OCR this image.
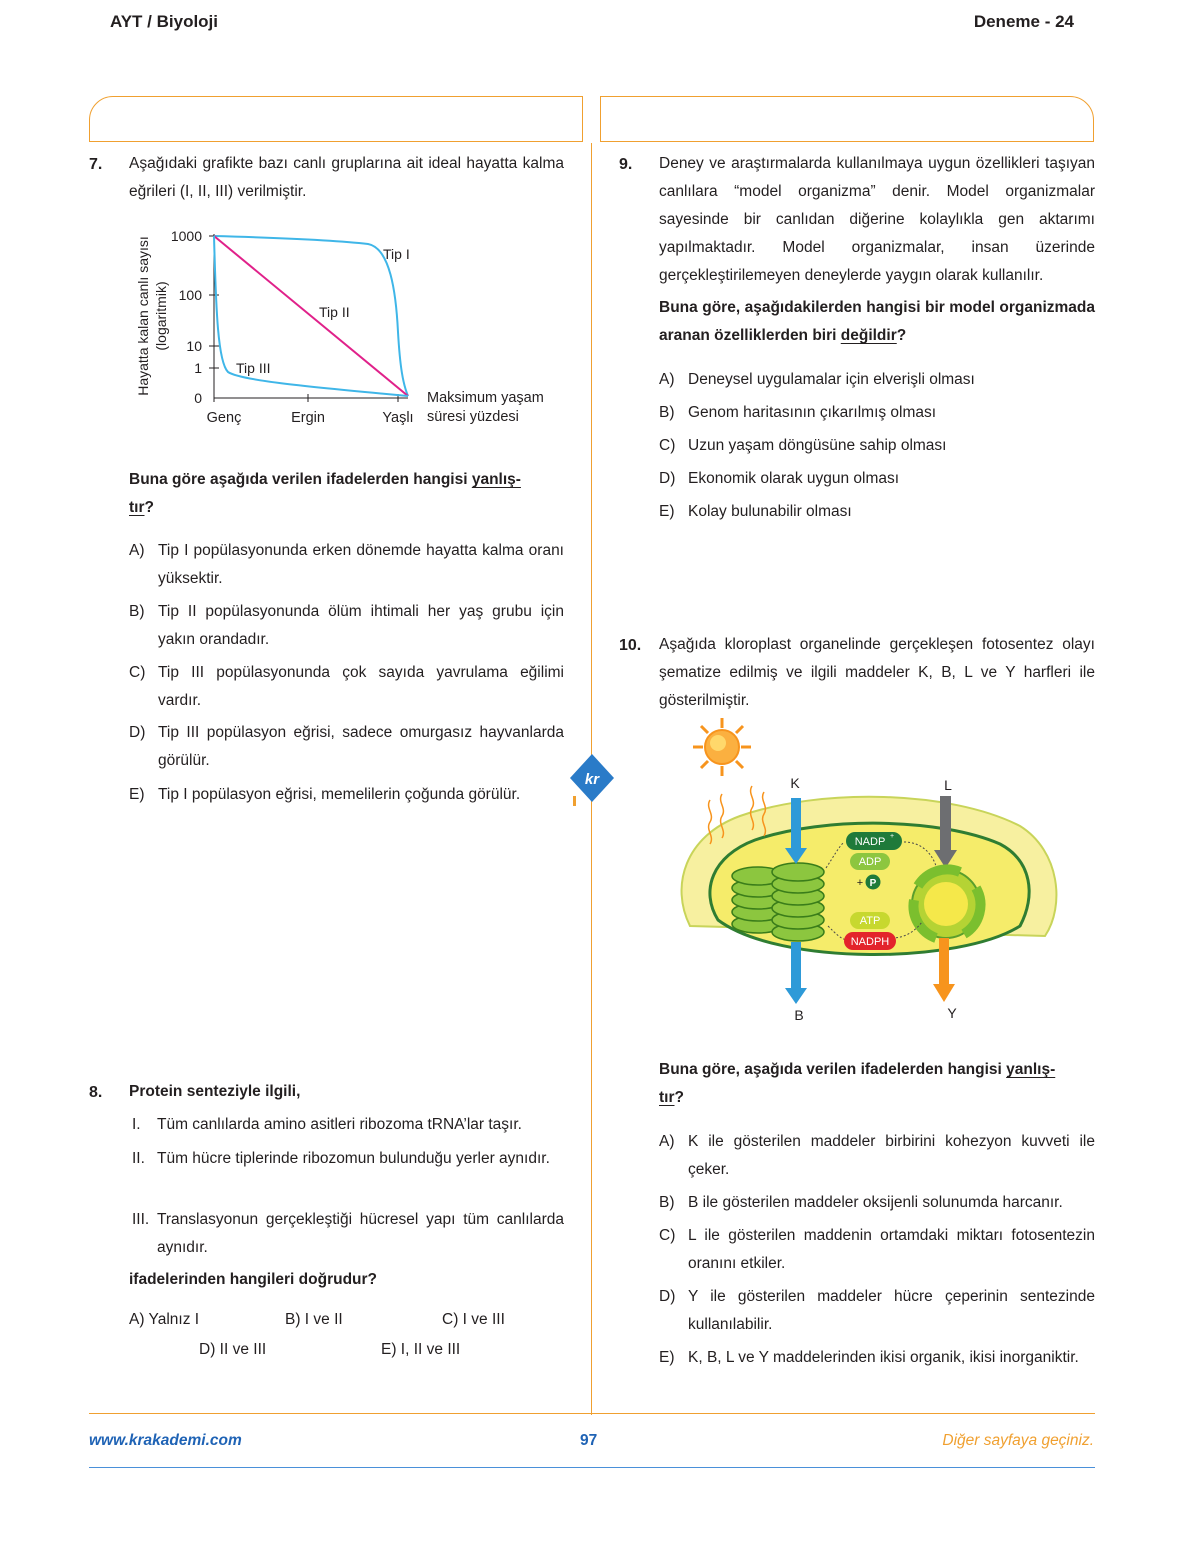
AYT / Biyoloji	Deneme - 24
kr
7. Aşağıdaki grafikte bazı canlı gruplarına ait ideal hayatta kalma eğrileri (I, II, III) verilmiştir.
Hayatta kalan canlı sayısı (logaritmik)
1000
100
10
1
0
Genç	Ergin	Yaşlı
Tip I
Tip II
Tip III
Maksimum yaşam
süresi yüzdesi
Buna göre aşağıda verilen ifadelerden hangisi yanlış-
tır?
A) Tip I popülasyonunda erken dönemde hayatta kalma oranı yüksektir.
B) Tip II popülasyonunda ölüm ihtimali her yaş grubu için yakın orandadır.
C) Tip III popülasyonunda çok sayıda yavrulama eğilimi vardır.
D) Tip III popülasyon eğrisi, sadece omurgasız hayvanlarda görülür.
E) Tip I popülasyon eğrisi, memelilerin çoğunda görülür.
8. Protein senteziyle ilgili,
I. Tüm canlılarda amino asitleri ribozoma tRNA’lar taşır.
II. Tüm hücre tiplerinde ribozomun bulunduğu yerler aynıdır.
III. Translasyonun gerçekleştiği hücresel yapı tüm canlılarda aynıdır.
ifadelerinden hangileri doğrudur?
A) Yalnız I	B) I ve II	C) I ve III
D) II ve III	E) I, II ve III
9. Deney ve araştırmalarda kullanılmaya uygun özellikleri taşıyan canlılara “model organizma” denir. Model organizmalar sayesinde bir canlıdan diğerine kolaylıkla gen aktarımı yapılmaktadır. Model organizmalar, insan üzerinde gerçekleştirilemeyen deneylerde yaygın olarak kullanılır.
Buna göre, aşağıdakilerden hangisi bir model organizmada aranan özelliklerden biri değildir?
A) Deneysel uygulamalar için elverişli olması
B) Genom haritasının çıkarılmış olması
C) Uzun yaşam döngüsüne sahip olması
D) Ekonomik olarak uygun olması
E) Kolay bulunabilir olması
10. Aşağıda kloroplast organelinde gerçekleşen fotosentez olayı şematize edilmiş ve ilgili maddeler K, B, L ve Y harfleri ile gösterilmiştir.
NADP +
ADP
+ P
ATP
NADPH
K
B
L
Y
Buna göre, aşağıda verilen ifadelerden hangisi yanlış-
tır?
A) K ile gösterilen maddeler birbirini kohezyon kuvveti ile çeker.
B) B ile gösterilen maddeler oksijenli solunumda harcanır.
C) L ile gösterilen maddenin ortamdaki miktarı fotosentezin oranını etkiler.
D) Y ile gösterilen maddeler hücre çeperinin sentezinde kullanılabilir.
E) K, B, L ve Y maddelerinden ikisi organik, ikisi inorganiktir.
www.krakademi.com	97	Diğer sayfaya geçiniz.
